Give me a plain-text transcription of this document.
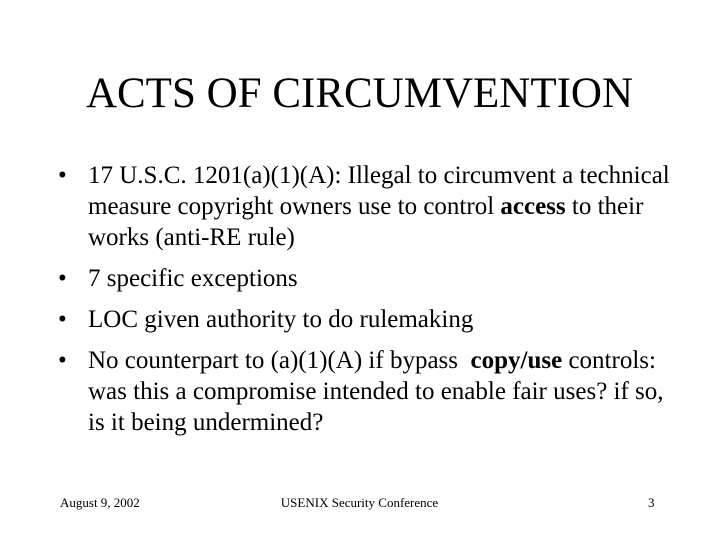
ACTS OF CIRCUMVENTION
• 17 U.S.C. 1201(a)(1)(A): Illegal to circumvent a technical measure copyright owners use to control access to their works (anti-RE rule)
• 7 specific exceptions
• LOC given authority to do rulemaking
• No counterpart to (a)(1)(A) if bypass  copy/use controls:  was this a compromise intended to enable fair uses? if so, is it being undermined?
August 9, 2002	USENIX Security Conference	3
